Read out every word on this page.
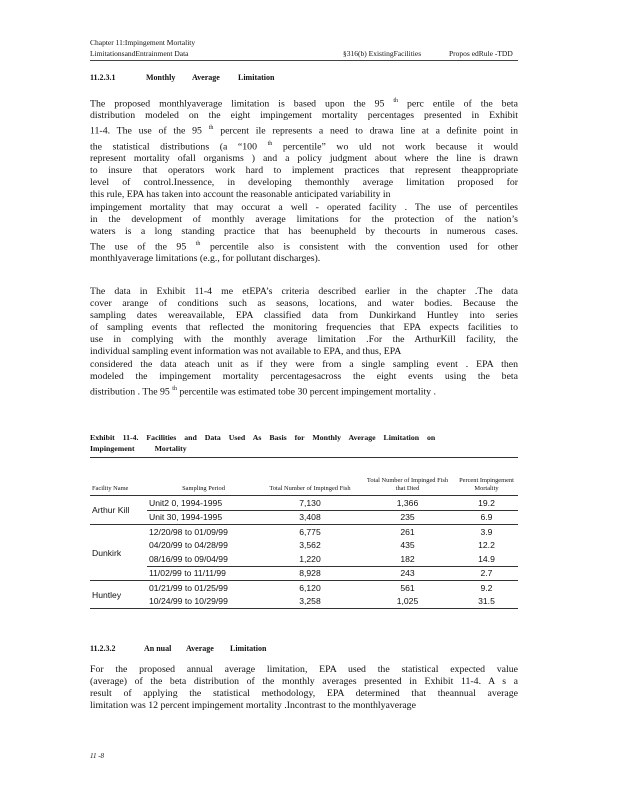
Chapter 11:Impingement Mortality
LimitationsandEntrainment Data	§316(b) ExistingFacilities	Propos edRule -TDD
11.2.3.1	Monthly Average Limitation
The proposed monthlyaverage limitation is based upon the 95 $^{th}$ perc entile of the beta
distribution modeled on the eight impingement mortality percentages presented in Exhibit
11-4. The use of the 95 $^{th}$ percent ile represents a need to drawa line at a definite point in
the statistical distributions (a “100 $^{th}$ percentile” wo uld not work because it would
represent mortality ofall organisms ) and a policy judgment about where the line is drawn
to insure that operators work hard to implement practices that represent theappropriate
level of control.Inessence, in developing themonthly average limitation proposed for
this rule, EPA has taken into account the reasonable anticipated variability in
impingement mortality that may occurat a well - operated facility . The use of percentiles
in the development of monthly average limitations for the protection of the nation’s
waters is a long standing practice that has beenupheld by thecourts in numerous cases.
The use of the 95 $^{th}$ percentile also is consistent with the convention used for other
monthlyaverage limitations (e.g., for pollutant discharges).
The data in Exhibit 11-4 me etEPA’s criteria described earlier in the chapter .The data
cover arange of conditions such as seasons, locations, and water bodies. Because the
sampling dates wereavailable, EPA classified data from Dunkirkand Huntley into series
of sampling events that reflected the monitoring frequencies that EPA expects facilities to
use in complying with the monthly average limitation .For the ArthurKill facility, the
individual sampling event information was not available to EPA, and thus, EPA
considered the data ateach unit as if they were from a single sampling event . EPA then
modeled the impingement mortality percentagesacross the eight events using the beta
distribution . The 95 $^{th}$ percentile was estimated tobe 30 percent impingement mortality .
Exhibit 11-4. Facilities and Data Used As Basis for Monthly Average Limitation on
Impingement Mortality
Facility Name	Sampling Period	Total Number of Impinged Fish	Total Number of Impinged Fish that Died	Percent Impingement Mortality
Arthur Kill	Unit2 0, 1994-1995	7,130	1,366	19.2
	Unit 30, 1994-1995	3,408	235	6.9
Dunkirk	12/20/98 to 01/09/99	6,775	261	3.9
	04/20/99 to 04/28/99	3,562	435	12.2
	08/16/99 to 09/04/99	1,220	182	14.9
	11/02/99 to 11/11/99	8,928	243	2.7
Huntley	01/21/99 to 01/25/99	6,120	561	9.2
	10/24/99 to 10/29/99	3,258	1,025	31.5
11.2.3.2	An nual Average Limitation
For the proposed annual average limitation, EPA used the statistical expected value
(average) of the beta distribution of the monthly averages presented in Exhibit 11-4. A s a
result of applying the statistical methodology, EPA determined that theannual average
limitation was 12 percent impingement mortality .Incontrast to the monthlyaverage
11 -8
